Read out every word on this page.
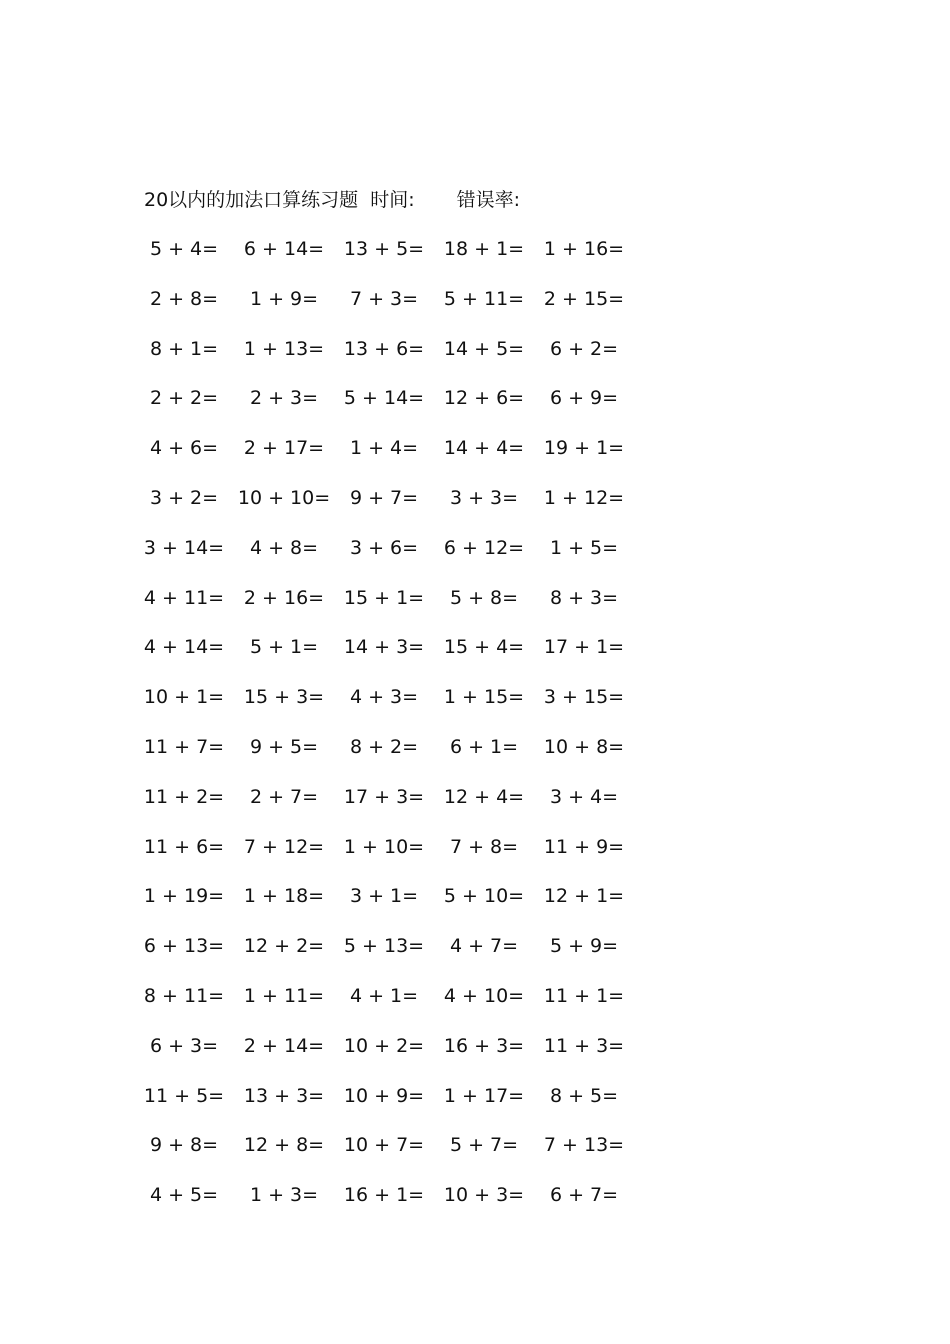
20以内的加法口算练习题 时间: 错误率:
5 + 4=	6 + 14=	13 + 5=	18 + 1=	1 + 16=
2 + 8=	1 + 9=	7 + 3=	5 + 11=	2 + 15=
8 + 1=	1 + 13=	13 + 6=	14 + 5=	6 + 2=
2 + 2=	2 + 3=	5 + 14=	12 + 6=	6 + 9=
4 + 6=	2 + 17=	1 + 4=	14 + 4=	19 + 1=
3 + 2=	10 + 10=	9 + 7=	3 + 3=	1 + 12=
3 + 14=	4 + 8=	3 + 6=	6 + 12=	1 + 5=
4 + 11=	2 + 16=	15 + 1=	5 + 8=	8 + 3=
4 + 14=	5 + 1=	14 + 3=	15 + 4=	17 + 1=
10 + 1=	15 + 3=	4 + 3=	1 + 15=	3 + 15=
11 + 7=	9 + 5=	8 + 2=	6 + 1=	10 + 8=
11 + 2=	2 + 7=	17 + 3=	12 + 4=	3 + 4=
11 + 6=	7 + 12=	1 + 10=	7 + 8=	11 + 9=
1 + 19=	1 + 18=	3 + 1=	5 + 10=	12 + 1=
6 + 13=	12 + 2=	5 + 13=	4 + 7=	5 + 9=
8 + 11=	1 + 11=	4 + 1=	4 + 10=	11 + 1=
6 + 3=	2 + 14=	10 + 2=	16 + 3=	11 + 3=
11 + 5=	13 + 3=	10 + 9=	1 + 17=	8 + 5=
9 + 8=	12 + 8=	10 + 7=	5 + 7=	7 + 13=
4 + 5=	1 + 3=	16 + 1=	10 + 3=	6 + 7=
